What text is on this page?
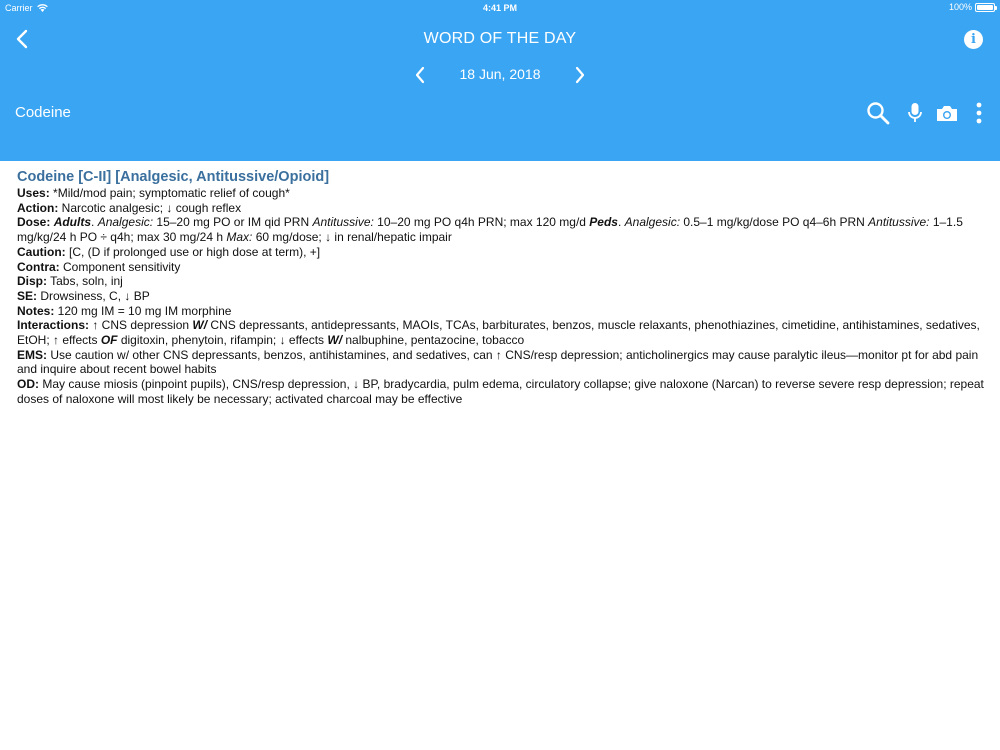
Carrier	4:41 PM	100%
WORD OF THE DAY	i
18 Jun, 2018
Codeine
Codeine [C-II] [Analgesic, Antitussive/Opioid]
Uses: *Mild/mod pain; symptomatic relief of cough*
Action: Narcotic analgesic; ↓ cough reflex
Dose: Adults. Analgesic: 15–20 mg PO or IM qid PRN Antitussive: 10–20 mg PO q4h PRN; max 120 mg/d Peds. Analgesic: 0.5–1 mg/kg/dose PO q4–6h PRN Antitussive: 1–1.5 mg/kg/24 h PO ÷ q4h; max 30 mg/24 h Max: 60 mg/dose; ↓ in renal/hepatic impair
Caution: [C, (D if prolonged use or high dose at term), +]
Contra: Component sensitivity
Disp: Tabs, soln, inj
SE: Drowsiness, C, ↓ BP
Notes: 120 mg IM = 10 mg IM morphine
Interactions: ↑ CNS depression W/ CNS depressants, antidepressants, MAOIs, TCAs, barbiturates, benzos, muscle relaxants, phenothiazines, cimetidine, antihistamines, sedatives, EtOH; ↑ effects OF digitoxin, phenytoin, rifampin; ↓ effects W/ nalbuphine, pentazocine, tobacco
EMS: Use caution w/ other CNS depressants, benzos, antihistamines, and sedatives, can ↑ CNS/resp depression; anticholinergics may cause paralytic ileus—monitor pt for abd pain and inquire about recent bowel habits
OD: May cause miosis (pinpoint pupils), CNS/resp depression, ↓ BP, bradycardia, pulm edema, circulatory collapse; give naloxone (Narcan) to reverse severe resp depression; repeat doses of naloxone will most likely be necessary; activated charcoal may be effective
